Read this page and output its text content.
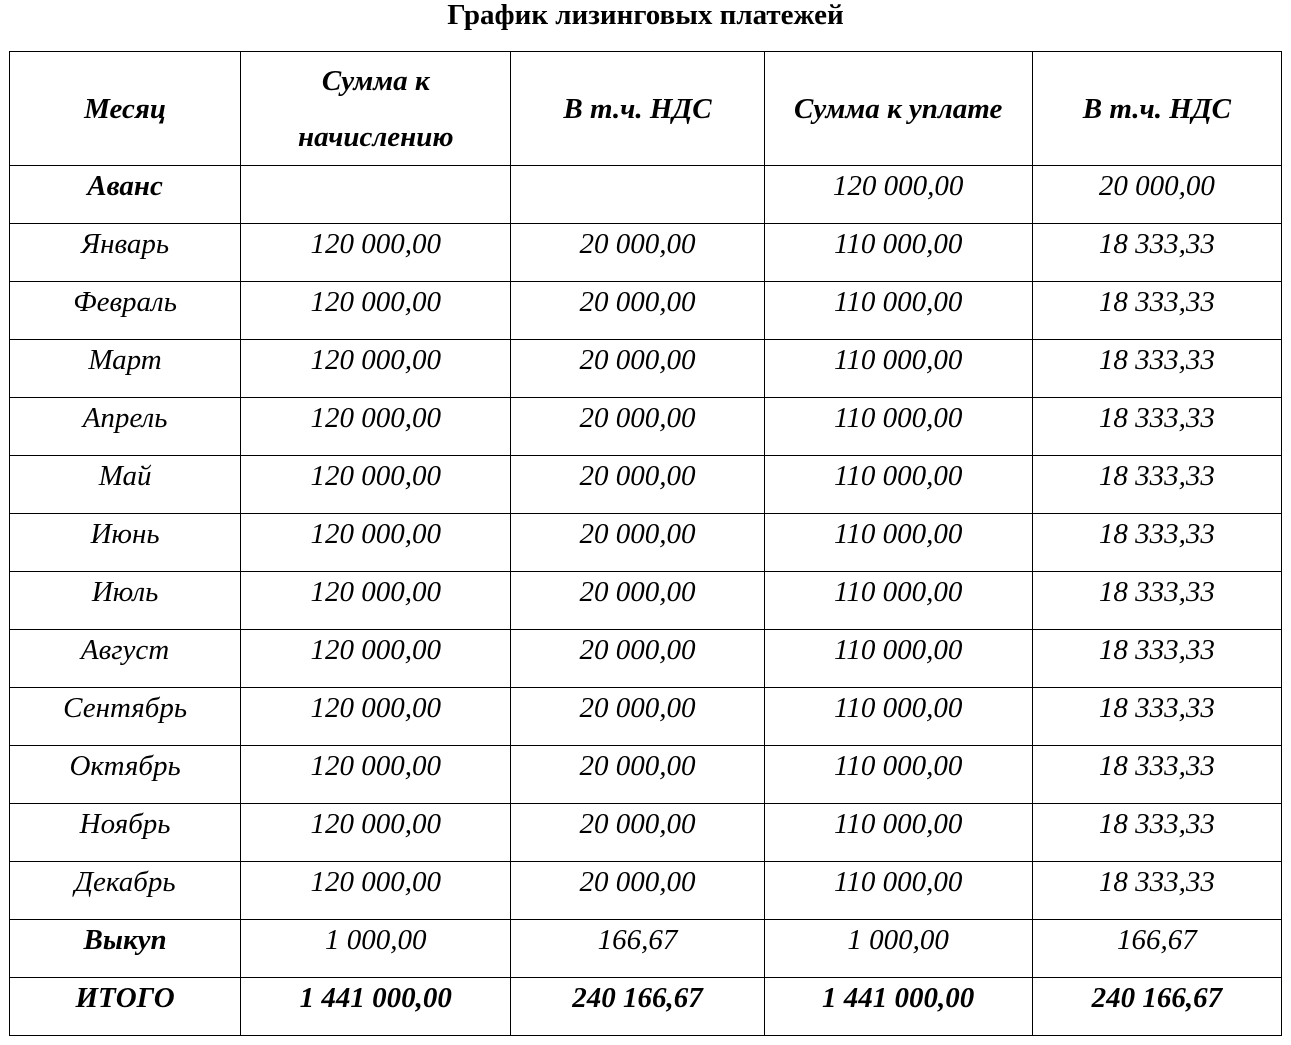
График лизинговых платежей
Месяц	Сумма к начислению	В т.ч. НДС	Сумма к уплате	В т.ч. НДС
Аванс			120 000,00	20 000,00
Январь	120 000,00	20 000,00	110 000,00	18 333,33
Февраль	120 000,00	20 000,00	110 000,00	18 333,33
Март	120 000,00	20 000,00	110 000,00	18 333,33
Апрель	120 000,00	20 000,00	110 000,00	18 333,33
Май	120 000,00	20 000,00	110 000,00	18 333,33
Июнь	120 000,00	20 000,00	110 000,00	18 333,33
Июль	120 000,00	20 000,00	110 000,00	18 333,33
Август	120 000,00	20 000,00	110 000,00	18 333,33
Сентябрь	120 000,00	20 000,00	110 000,00	18 333,33
Октябрь	120 000,00	20 000,00	110 000,00	18 333,33
Ноябрь	120 000,00	20 000,00	110 000,00	18 333,33
Декабрь	120 000,00	20 000,00	110 000,00	18 333,33
Выкуп	1 000,00	166,67	1 000,00	166,67
ИТОГО	1 441 000,00	240 166,67	1 441 000,00	240 166,67
